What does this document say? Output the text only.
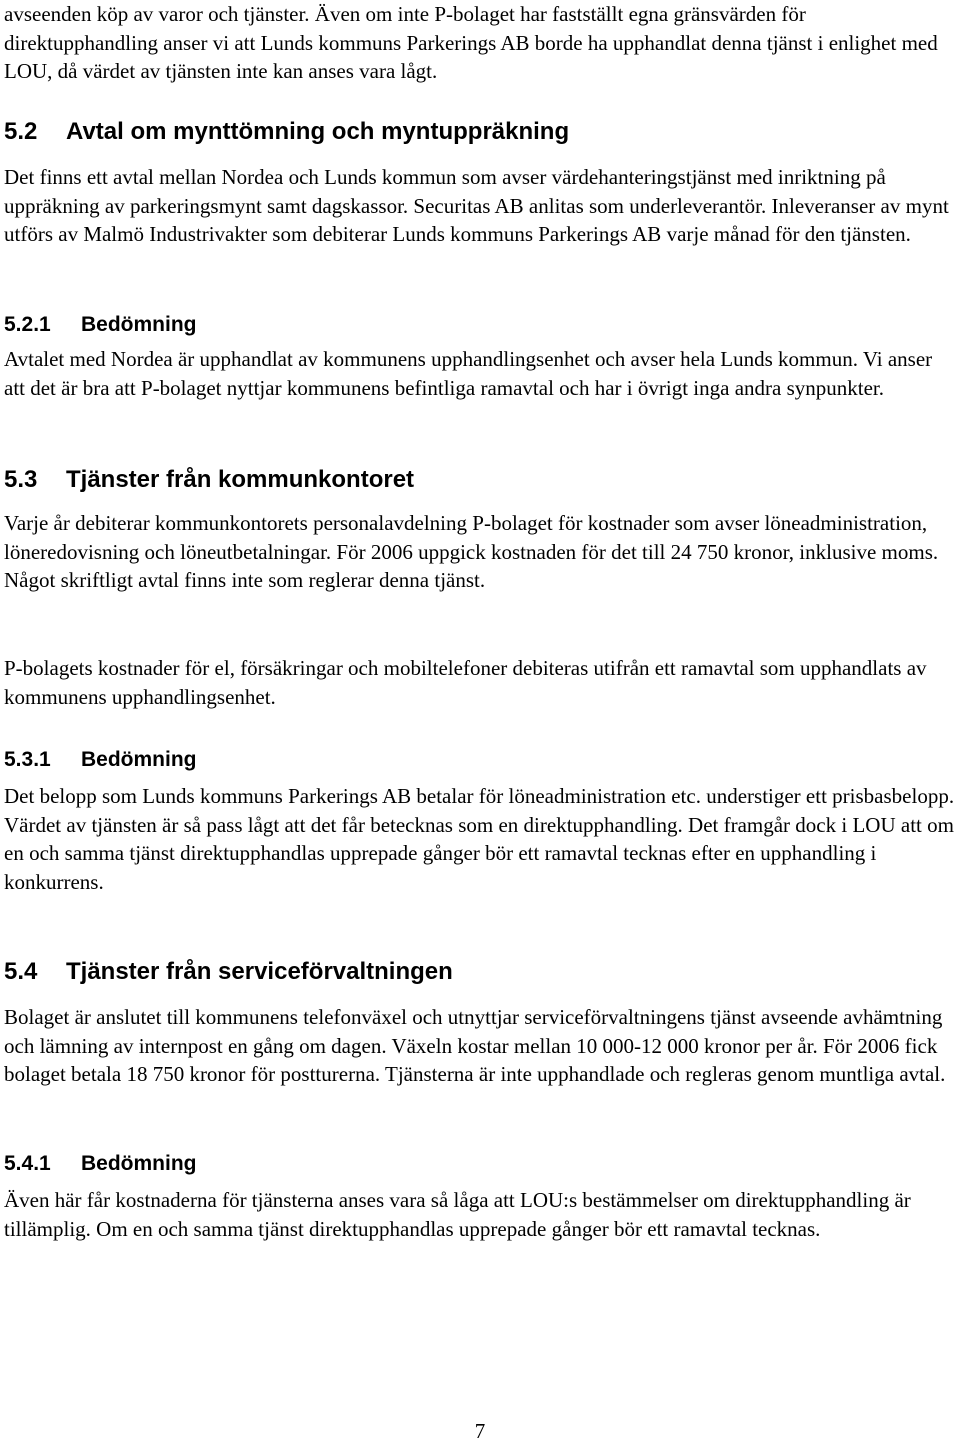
avseenden köp av varor och tjänster. Även om inte P-bolaget har fastställt egna gränsvärden för direktupphandling anser vi att Lunds kommuns Parkerings AB borde ha upphandlat denna tjänst i enlighet med LOU, då värdet av tjänsten inte kan anses vara lågt.

5.2 Avtal om mynttömning och myntuppräkning

Det finns ett avtal mellan Nordea och Lunds kommun som avser värdehanteringstjänst med inriktning på uppräkning av parkeringsmynt samt dagskassor. Securitas AB anlitas som underleverantör. Inleveranser av mynt utförs av Malmö Industrivakter som debiterar Lunds kommuns Parkerings AB varje månad för den tjänsten.

5.2.1 Bedömning

Avtalet med Nordea är upphandlat av kommunens upphandlingsenhet och avser hela Lunds kommun. Vi anser att det är bra att P-bolaget nyttjar kommunens befintliga ramavtal och har i övrigt inga andra synpunkter.

5.3 Tjänster från kommunkontoret

Varje år debiterar kommunkontorets personalavdelning P-bolaget för kostnader som avser löneadministration, löneredovisning och löneutbetalningar. För 2006 uppgick kostnaden för det till 24 750 kronor, inklusive moms. Något skriftligt avtal finns inte som reglerar denna tjänst.

P-bolagets kostnader för el, försäkringar och mobiltelefoner debiteras utifrån ett ramavtal som upphandlats av kommunens upphandlingsenhet.

5.3.1 Bedömning

Det belopp som Lunds kommuns Parkerings AB betalar för löneadministration etc. understiger ett prisbasbelopp. Värdet av tjänsten är så pass lågt att det får betecknas som en direktupphandling. Det framgår dock i LOU att om en och samma tjänst direktupphandlas upprepade gånger bör ett ramavtal tecknas efter en upphandling i konkurrens.

5.4 Tjänster från serviceförvaltningen

Bolaget är anslutet till kommunens telefonväxel och utnyttjar serviceförvaltningens tjänst avseende avhämtning och lämning av internpost en gång om dagen. Växeln kostar mellan 10 000-12 000 kronor per år. För 2006 fick bolaget betala 18 750 kronor för postturerna. Tjänsterna är inte upphandlade och regleras genom muntliga avtal.

5.4.1 Bedömning

Även här får kostnaderna för tjänsterna anses vara så låga att LOU:s bestämmelser om direktupphandling är tillämplig. Om en och samma tjänst direktupphandlas upprepade gånger bör ett ramavtal tecknas.

7
